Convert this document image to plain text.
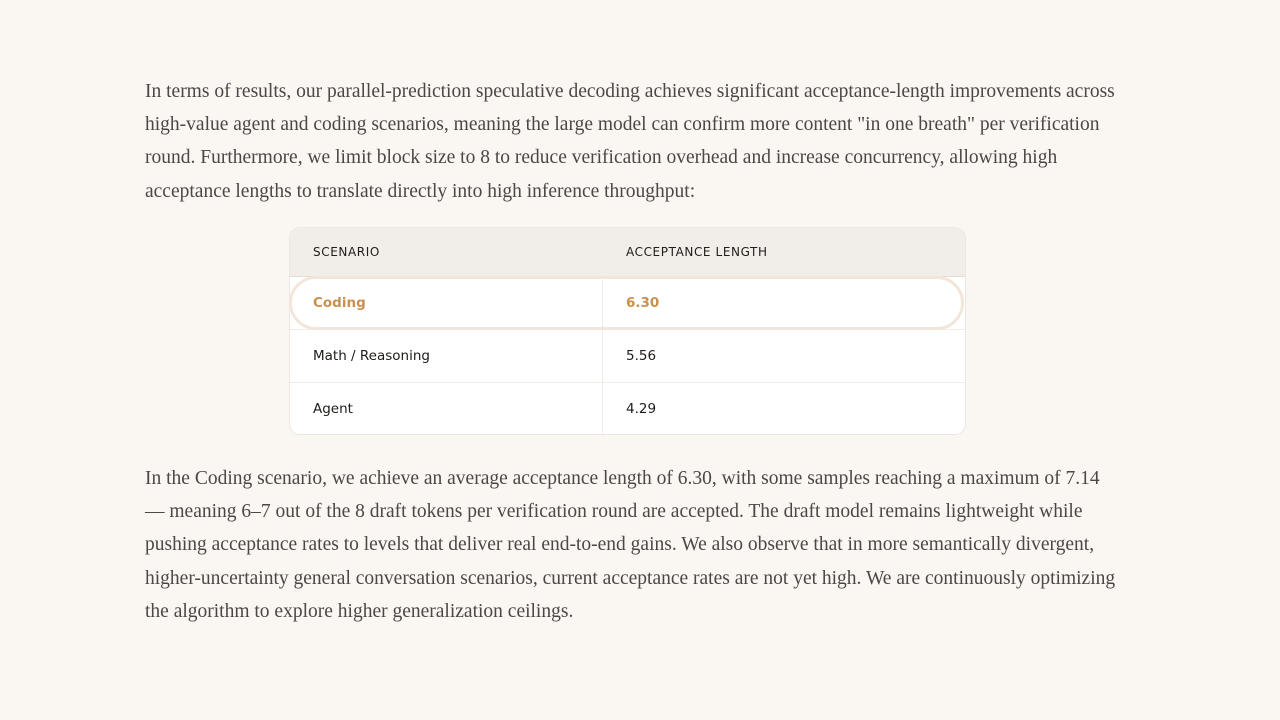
In terms of results, our parallel-prediction speculative decoding achieves significant acceptance-length improvements across high-value agent and coding scenarios, meaning the large model can confirm more content "in one breath" per verification round. Furthermore, we limit block size to 8 to reduce verification overhead and increase concurrency, allowing high acceptance lengths to translate directly into high inference throughput:

SCENARIO	ACCEPTANCE LENGTH
Coding	6.30
Math / Reasoning	5.56
Agent	4.29

In the Coding scenario, we achieve an average acceptance length of 6.30, with some samples reaching a maximum of 7.14 — meaning 6–7 out of the 8 draft tokens per verification round are accepted. The draft model remains lightweight while pushing acceptance rates to levels that deliver real end-to-end gains. We also observe that in more semantically divergent, higher-uncertainty general conversation scenarios, current acceptance rates are not yet high. We are continuously optimizing the algorithm to explore higher generalization ceilings.
